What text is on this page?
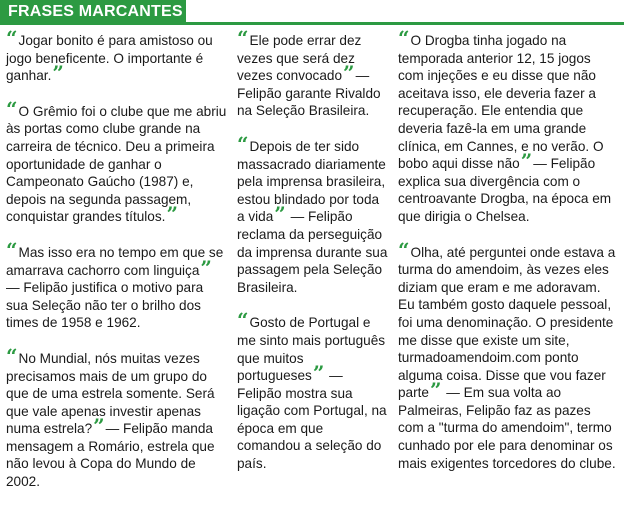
FRASES MARCANTES

“Jogar bonito é para amistoso ou jogo beneficente. O importante é ganhar.”

“O Grêmio foi o clube que me abriu às portas como clube grande na carreira de técnico. Deu a primeira oportunidade de ganhar o Campeonato Gaúcho (1987) e, depois na segunda passagem, conquistar grandes títulos.”

“Mas isso era no tempo em que se amarrava cachorro com linguiça” — Felipão justifica o motivo para sua Seleção não ter o brilho dos times de 1958 e 1962.

“No Mundial, nós muitas vezes precisamos mais de um grupo do que de uma estrela somente. Será que vale apenas investir apenas numa estrela?”— Felipão manda mensagem a Romário, estrela que não levou à Copa do Mundo de 2002.

“Ele pode errar dez vezes que será dez vezes convocado”— Felipão garante Rivaldo na Seleção Brasileira.

“Depois de ter sido massacrado diariamente pela imprensa brasileira, estou blindado por toda a vida” — Felipão reclama da perseguição da imprensa durante sua passagem pela Seleção Brasileira.

“Gosto de Portugal e me sinto mais português que muitos portugueses” — Felipão mostra sua ligação com Portugal, na época em que comandou a seleção do país.

“O Drogba tinha jogado na temporada anterior 12, 15 jogos com injeções e eu disse que não aceitava isso, ele deveria fazer a recuperação. Ele entendia que deveria fazê-la em uma grande clínica, em Cannes, e no verão. O bobo aqui disse não”— Felipão explica sua divergência com o centroavante Drogba, na época em que dirigia o Chelsea.

“Olha, até perguntei onde estava a turma do amendoim, às vezes eles diziam que eram e me adoravam. Eu também gosto daquele pessoal, foi uma denominação. O presidente me disse que existe um site, turmadoamendoim.com ponto alguma coisa. Disse que vou fazer parte” — Em sua volta ao Palmeiras, Felipão faz as pazes com a "turma do amendoim", termo cunhado por ele para denominar os mais exigentes torcedores do clube.
